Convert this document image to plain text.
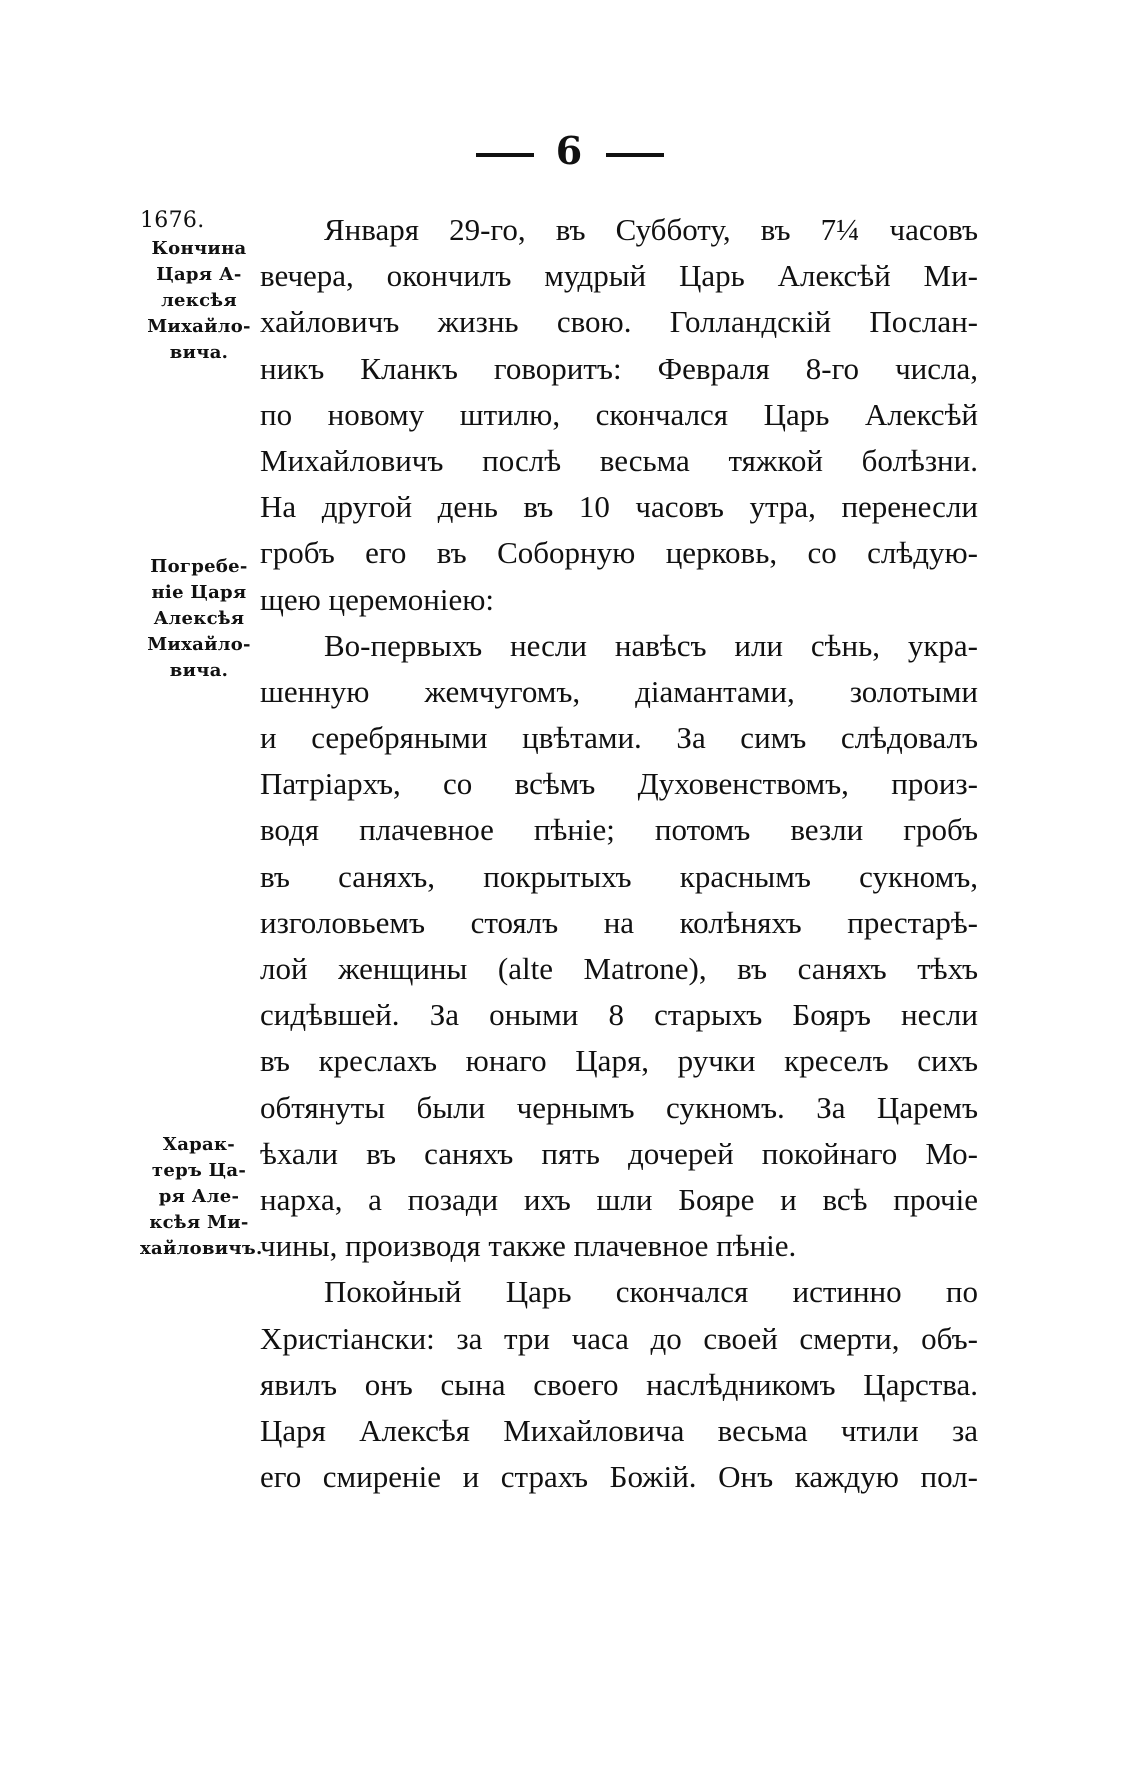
6
1676.
Кончина
Царя А-
лексѣя
Михайло-
вича.
Погребе-
ніе Царя
Алексѣя
Михайло-
вича.
Харак-
теръ Ца-
ря Але-
ксѣя Ми-
хайловичъ.
Января 29-го, въ Субботу, въ 7¼ часовъ
вечера, окончилъ мудрый Царь Алексѣй Ми-
хайловичъ жизнь свою. Голландскій Послан-
никъ Кланкъ говоритъ: Февраля 8-го числа,
по новому штилю, скончался Царь Алексѣй
Михайловичъ послѣ весьма тяжкой болѣзни.
На другой день въ 10 часовъ утра, перенесли
гробъ его въ Соборную церковь, со слѣдую-
щею церемоніею:
Во-первыхъ несли навѣсъ или сѣнь, укра-
шенную жемчугомъ, діамантами, золотыми
и серебряными цвѣтами. За симъ слѣдовалъ
Патріархъ, со всѣмъ Духовенствомъ, произ-
водя плачевное пѣніе; потомъ везли гробъ
въ саняхъ, покрытыхъ краснымъ сукномъ,
изголовьемъ стоялъ на колѣняхъ престарѣ-
лой женщины (alte Matrone), въ саняхъ тѣхъ
сидѣвшей. За оными 8 старыхъ Бояръ несли
въ креслахъ юнаго Царя, ручки креселъ сихъ
обтянуты были чернымъ сукномъ. За Царемъ
ѣхали въ саняхъ пять дочерей покойнаго Мо-
нарха, а позади ихъ шли Бояре и всѣ прочіе
чины, производя также плачевное пѣніе.
Покойный Царь скончался истинно по
Христіански: за три часа до своей смерти, объ-
явилъ онъ сына своего наслѣдникомъ Царства.
Царя Алексѣя Михайловича весьма чтили за
его смиреніе и страхъ Божій. Онъ каждую пол-
